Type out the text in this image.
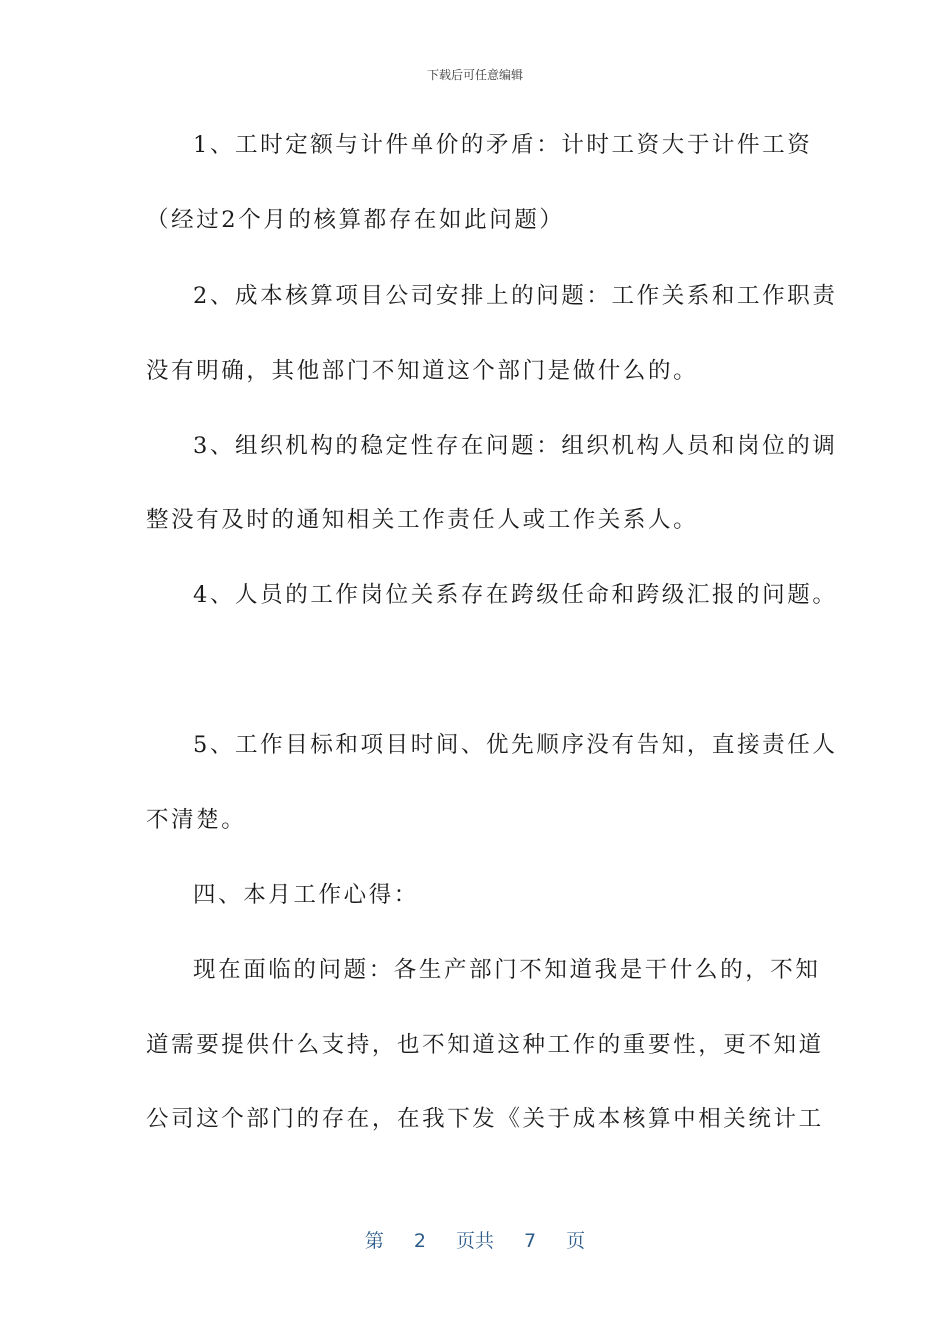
下载后可任意编辑
1、工时定额与计件单价的矛盾：计时工资大于计件工资
（经过2个月的核算都存在如此问题）
2、成本核算项目公司安排上的问题：工作关系和工作职责
没有明确，其他部门不知道这个部门是做什么的。
3、组织机构的稳定性存在问题：组织机构人员和岗位的调
整没有及时的通知相关工作责任人或工作关系人。
4、人员的工作岗位关系存在跨级任命和跨级汇报的问题。
5、工作目标和项目时间、优先顺序没有告知，直接责任人
不清楚。
四、本月工作心得：
现在面临的问题：各生产部门不知道我是干什么的，不知
道需要提供什么支持，也不知道这种工作的重要性，更不知道
公司这个部门的存在，在我下发《关于成本核算中相关统计工
第 2 页共 7 页
